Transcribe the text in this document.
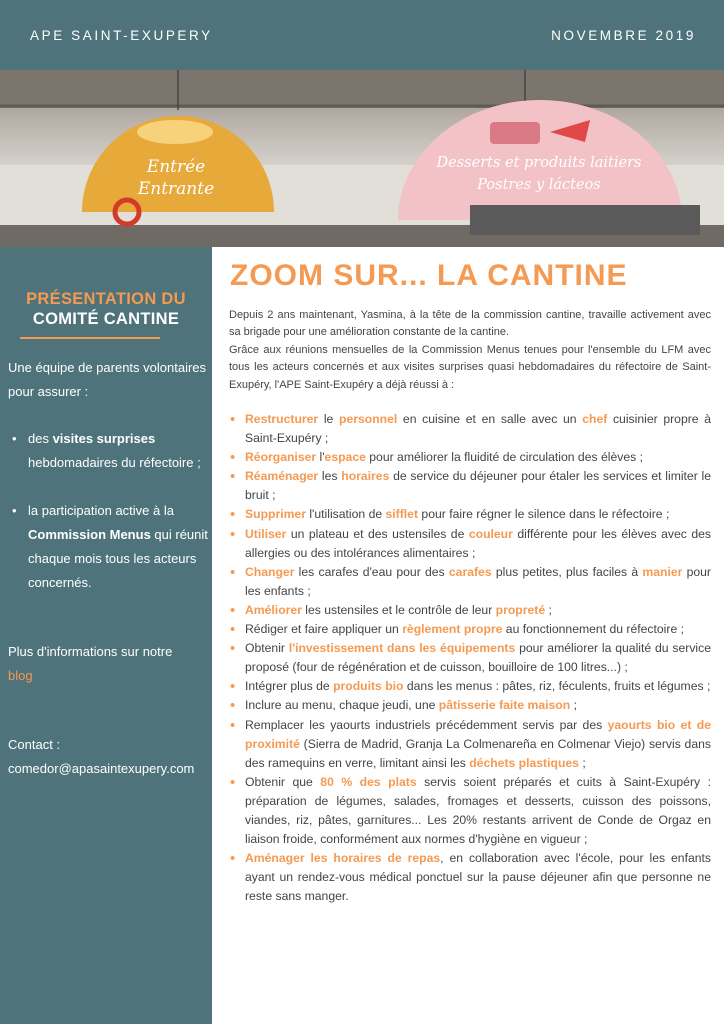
APE SAINT-EXUPERY	NOVEMBRE 2019
Entrée
Entrante
Desserts et produits laitiers
Postres y lácteos
PRÉSENTATION DU
COMITÉ CANTINE
Une équipe de parents volontaires pour assurer :
• des visites surprises hebdomadaires du réfectoire ;
• la participation active à la Commission Menus qui réunit chaque mois tous les acteurs concernés.
Plus d'informations sur notre
blog
Contact :
comedor@apasaintexupery.com
ZOOM SUR... LA CANTINE
Depuis 2 ans maintenant, Yasmina, à la tête de la commission cantine, travaille activement avec sa brigade pour une amélioration constante de la cantine.
Grâce aux réunions mensuelles de la Commission Menus tenues pour l'ensemble du LFM avec tous les acteurs concernés et aux visites surprises quasi hebdomadaires du réfectoire de Saint-Exupéry, l'APE Saint-Exupéry a déjà réussi à :
• Restructurer le personnel en cuisine et en salle avec un chef cuisinier propre à Saint-Exupéry ;
• Réorganiser l'espace pour améliorer la fluidité de circulation des élèves ;
• Réaménager les horaires de service du déjeuner pour étaler les services et limiter le bruit ;
• Supprimer l'utilisation de sifflet pour faire régner le silence dans le réfectoire ;
• Utiliser un plateau et des ustensiles de couleur différente pour les élèves avec des allergies ou des intolérances alimentaires ;
• Changer les carafes d'eau pour des carafes plus petites, plus faciles à manier pour les enfants ;
• Améliorer les ustensiles et le contrôle de leur propreté ;
• Rédiger et faire appliquer un règlement propre au fonctionnement du réfectoire ;
• Obtenir l'investissement dans les équipements pour améliorer la qualité du service proposé (four de régénération et de cuisson, bouilloire de 100 litres...) ;
• Intégrer plus de produits bio dans les menus : pâtes, riz, féculents, fruits et légumes ;
• Inclure au menu, chaque jeudi, une pâtisserie faite maison ;
• Remplacer les yaourts industriels précédemment servis par des yaourts bio et de proximité (Sierra de Madrid, Granja La Colmenareña en Colmenar Viejo) servis dans des ramequins en verre, limitant ainsi les déchets plastiques ;
• Obtenir que 80 % des plats servis soient préparés et cuits à Saint-Exupéry : préparation de légumes, salades, fromages et desserts, cuisson des poissons, viandes, riz, pâtes, garnitures... Les 20% restants arrivent de Conde de Orgaz en liaison froide, conformément aux normes d'hygiène en vigueur ;
• Aménager les horaires de repas, en collaboration avec l'école, pour les enfants ayant un rendez-vous médical ponctuel sur la pause déjeuner afin que personne ne reste sans manger.
